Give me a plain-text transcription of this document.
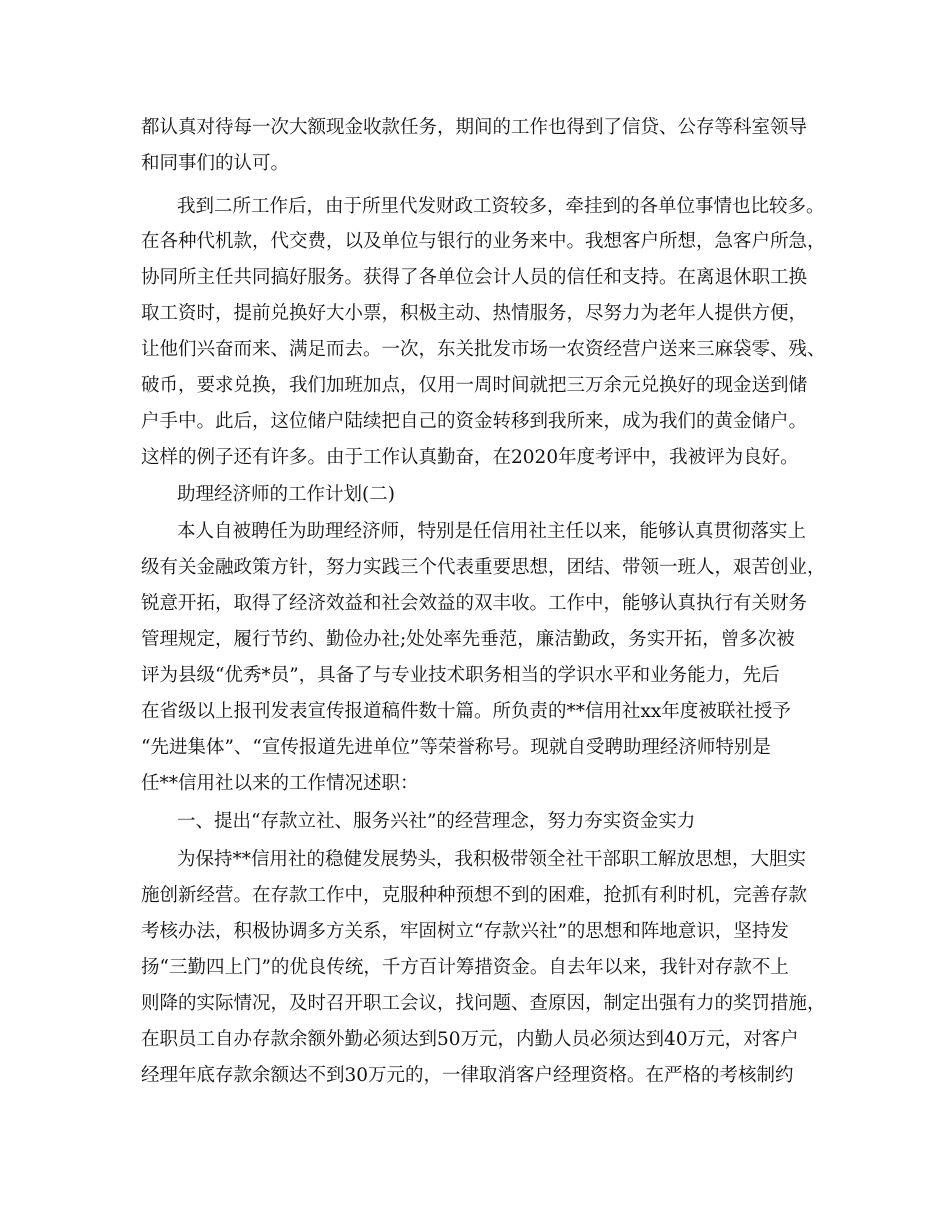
都认真对待每一次大额现金收款任务，期间的工作也得到了信贷、公存等科室领导
和同事们的认可。
我到二所工作后，由于所里代发财政工资较多，牵挂到的各单位事情也比较多。
在各种代机款，代交费，以及单位与银行的业务来中。我想客户所想，急客户所急，
协同所主任共同搞好服务。获得了各单位会计人员的信任和支持。在离退休职工换
取工资时，提前兑换好大小票，积极主动、热情服务，尽努力为老年人提供方便，
让他们兴奋而来、满足而去。一次，东关批发市场一农资经营户送来三麻袋零、残、
破币，要求兑换，我们加班加点，仅用一周时间就把三万余元兑换好的现金送到储
户手中。此后，这位储户陆续把自己的资金转移到我所来，成为我们的黄金储户。
这样的例子还有许多。由于工作认真勤奋，在2020年度考评中，我被评为良好。
助理经济师的工作计划(二)
本人自被聘任为助理经济师，特别是任信用社主任以来，能够认真贯彻落实上
级有关金融政策方针，努力实践三个代表重要思想，团结、带领一班人，艰苦创业，
锐意开拓，取得了经济效益和社会效益的双丰收。工作中，能够认真执行有关财务
管理规定，履行节约、勤俭办社;处处率先垂范，廉洁勤政，务实开拓，曾多次被
评为县级“优秀*员”，具备了与专业技术职务相当的学识水平和业务能力，先后
在省级以上报刊发表宣传报道稿件数十篇。所负责的**信用社xx年度被联社授予
“先进集体”、“宣传报道先进单位”等荣誉称号。现就自受聘助理经济师特别是
任**信用社以来的工作情况述职：
一、提出“存款立社、服务兴社”的经营理念，努力夯实资金实力
为保持**信用社的稳健发展势头，我积极带领全社干部职工解放思想，大胆实
施创新经营。在存款工作中，克服种种预想不到的困难，抢抓有利时机，完善存款
考核办法，积极协调多方关系，牢固树立“存款兴社”的思想和阵地意识，坚持发
扬“三勤四上门”的优良传统，千方百计筹措资金。自去年以来，我针对存款不上
则降的实际情况，及时召开职工会议，找问题、查原因，制定出强有力的奖罚措施，
在职员工自办存款余额外勤必须达到50万元，内勤人员必须达到40万元，对客户
经理年底存款余额达不到30万元的，一律取消客户经理资格。在严格的考核制约
